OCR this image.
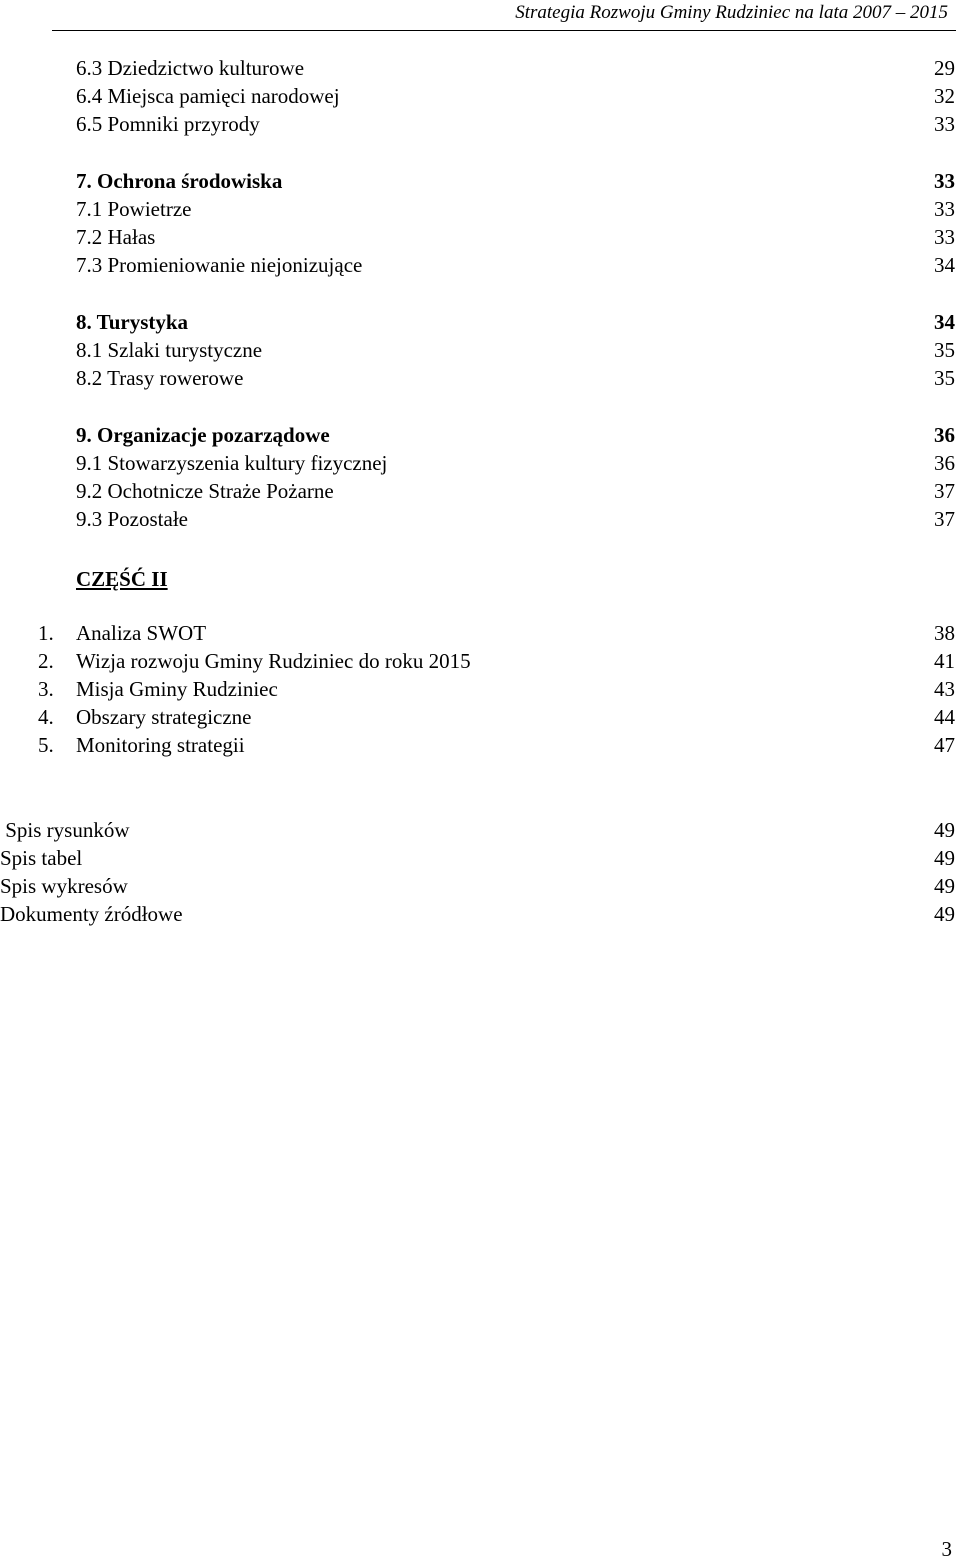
Strategia Rozwoju Gminy Rudziniec na lata 2007 – 2015
6.3 Dziedzictwo kulturowe	29
6.4 Miejsca pamięci narodowej	32
6.5 Pomniki przyrody	33
7. Ochrona środowiska	33
7.1 Powietrze	33
7.2 Hałas	33
7.3 Promieniowanie niejonizujące	34
8. Turystyka	34
8.1 Szlaki turystyczne	35
8.2 Trasy rowerowe	35
9. Organizacje pozarządowe	36
9.1 Stowarzyszenia kultury fizycznej	36
9.2 Ochotnicze Straże Pożarne	37
9.3 Pozostałe	37
CZĘŚĆ II
1. Analiza SWOT	38
2. Wizja rozwoju Gminy Rudziniec do roku 2015	41
3. Misja Gminy Rudziniec	43
4. Obszary strategiczne	44
5. Monitoring strategii	47
Spis rysunków	49
Spis tabel	49
Spis wykresów	49
Dokumenty źródłowe	49
3
